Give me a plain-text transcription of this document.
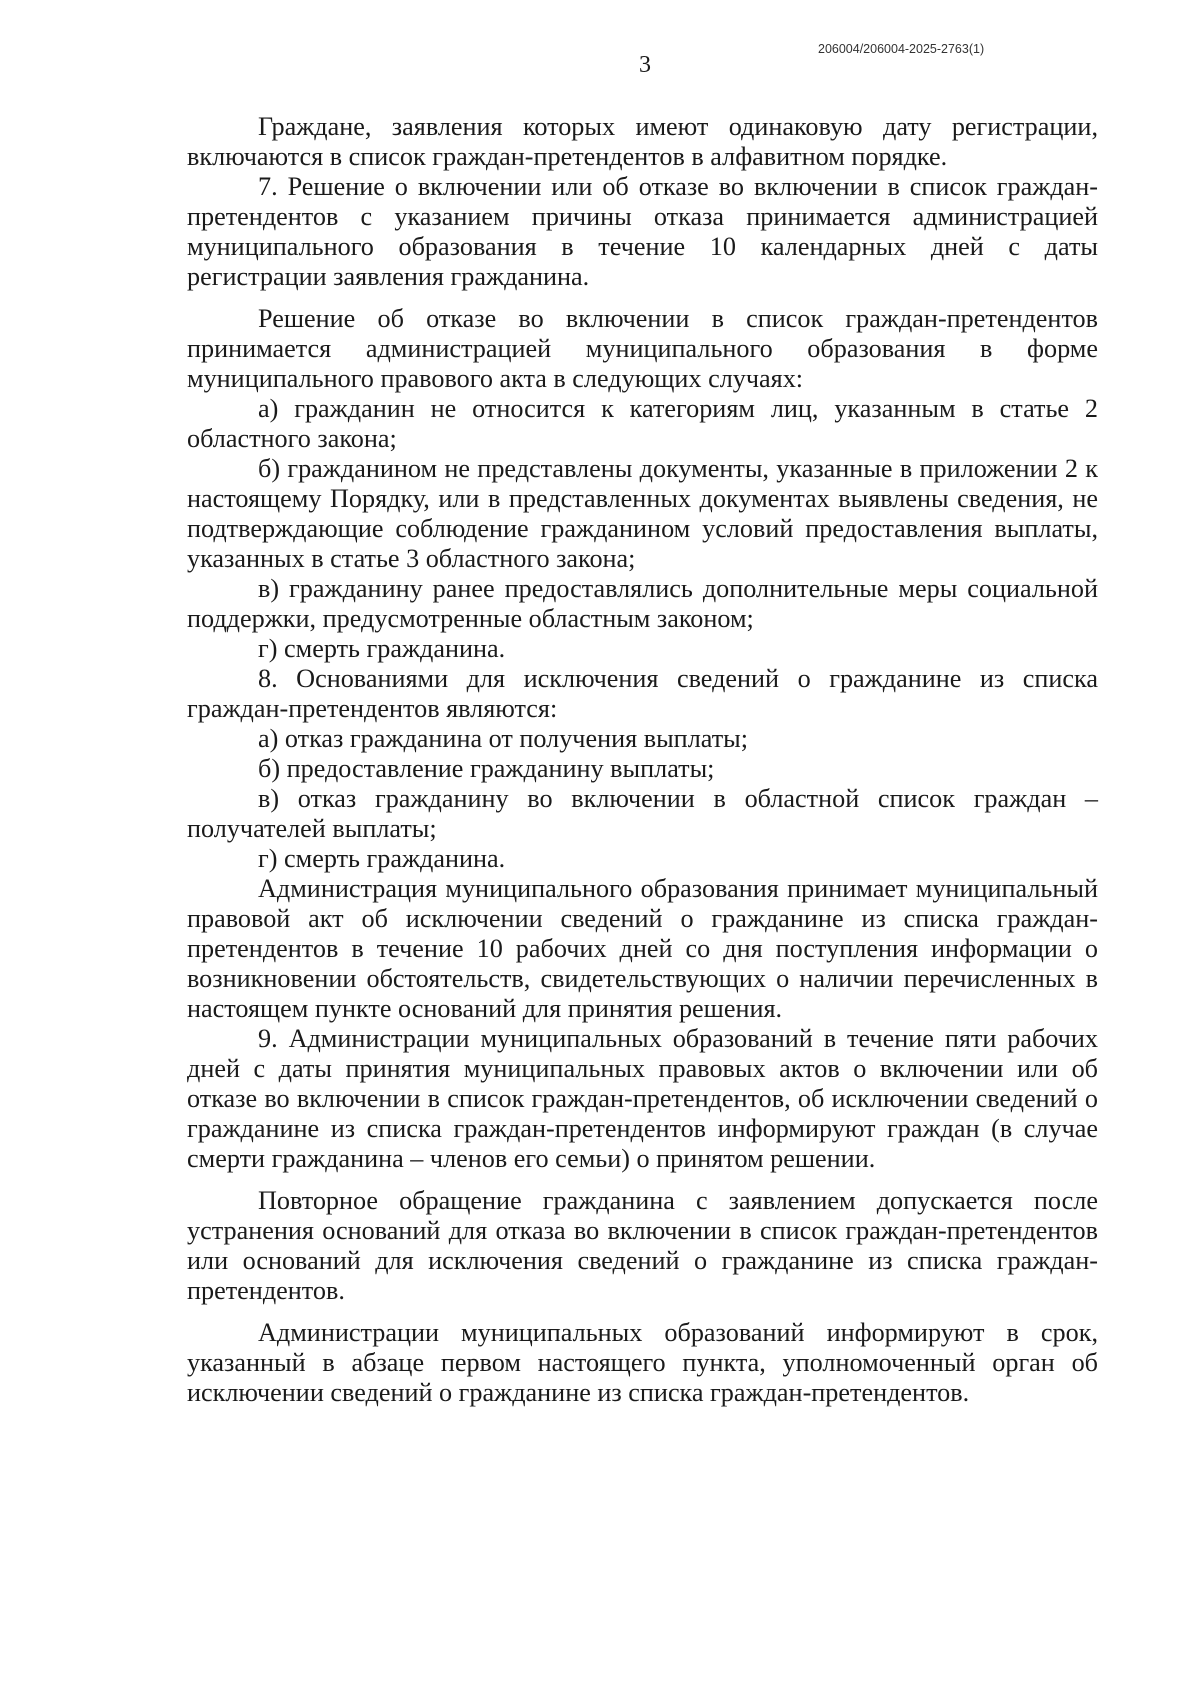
3
206004/206004-2025-2763(1)

Граждане, заявления которых имеют одинаковую дату регистрации, включаются в список граждан-претендентов в алфавитном порядке.

7. Решение о включении или об отказе во включении в список граждан-претендентов с указанием причины отказа принимается администрацией муниципального образования в течение 10 календарных дней с даты регистрации заявления гражданина.

Решение об отказе во включении в список граждан-претендентов принимается администрацией муниципального образования в форме муниципального правового акта в следующих случаях:

а) гражданин не относится к категориям лиц, указанным в статье 2 областного закона;

б) гражданином не представлены документы, указанные в приложении 2 к настоящему Порядку, или в представленных документах выявлены сведения, не подтверждающие соблюдение гражданином условий предоставления выплаты, указанных в статье 3 областного закона;

в) гражданину ранее предоставлялись дополнительные меры социальной поддержки, предусмотренные областным законом;

г) смерть гражданина.

8. Основаниями для исключения сведений о гражданине из списка граждан-претендентов являются:

а) отказ гражданина от получения выплаты;

б) предоставление гражданину выплаты;

в) отказ гражданину во включении в областной список граждан – получателей выплаты;

г) смерть гражданина.

Администрация муниципального образования принимает муниципальный правовой акт об исключении сведений о гражданине из списка граждан-претендентов в течение 10 рабочих дней со дня поступления информации о возникновении обстоятельств, свидетельствующих о наличии перечисленных в настоящем пункте оснований для принятия решения.

9. Администрации муниципальных образований в течение пяти рабочих дней с даты принятия муниципальных правовых актов о включении или об отказе во включении в список граждан-претендентов, об исключении сведений о гражданине из списка граждан-претендентов информируют граждан (в случае смерти гражданина – членов его семьи) о принятом решении.

Повторное обращение гражданина с заявлением допускается после устранения оснований для отказа во включении в список граждан-претендентов или оснований для исключения сведений о гражданине из списка граждан-претендентов.

Администрации муниципальных образований информируют в срок, указанный в абзаце первом настоящего пункта, уполномоченный орган об исключении сведений о гражданине из списка граждан-претендентов.
